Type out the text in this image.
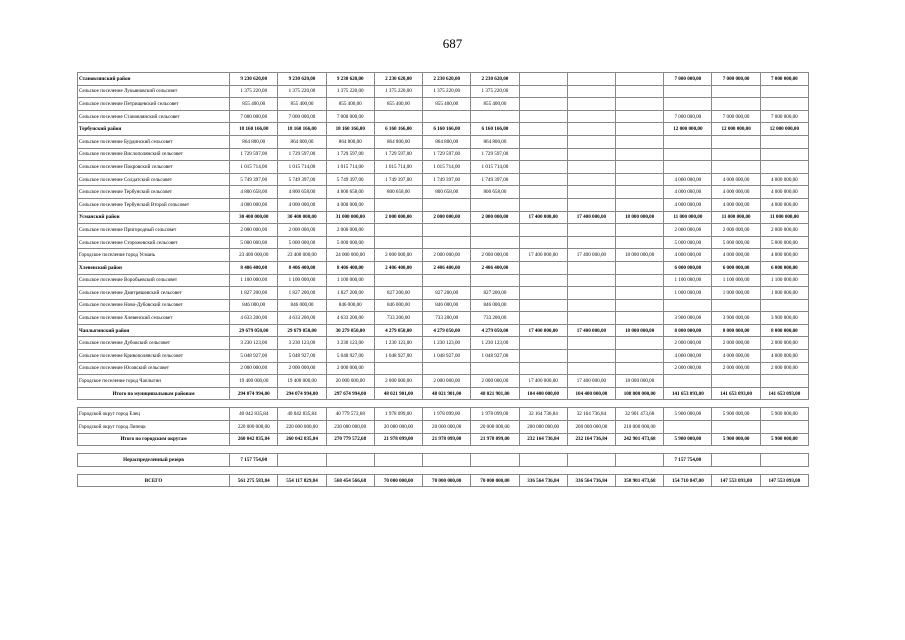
687
Становлянский район	9 230 620,00	9 230 620,00	9 230 620,00	2 230 620,00	2 230 620,00	2 230 620,00				7 000 000,00	7 000 000,00	7 000 000,00
Сельское поселение Лукьяновский сельсовет	1 375 220,00	1 375 220,00	1 375 220,00	1 375 220,00	1 375 220,00	1 375 220,00						
Сельское поселение Петрищевский сельсовет	855 400,00	855 400,00	855 400,00	855 400,00	855 400,00	855 400,00						
Сельское поселение Становлянский сельсовет	7 000 000,00	7 000 000,00	7 000 000,00							7 000 000,00	7 000 000,00	7 000 000,00
Тербунский район	18 160 166,00	18 160 166,00	18 160 166,00	6 160 166,00	6 160 166,00	6 160 166,00				12 000 000,00	12 000 000,00	12 000 000,00
Сельское поселение Бурдинский сельсовет	864 800,00	864 800,00	864 800,00	864 800,00	864 800,00	864 800,00						
Сельское поселение Вислополянский сельсовет	1 729 597,00	1 729 597,00	1 729 597,00	1 729 597,00	1 729 597,00	1 729 597,00						
Сельское поселение Покровский сельсовет	1 015 714,00	1 015 714,00	1 015 714,00	1 015 714,00	1 015 714,00	1 015 714,00						
Сельское поселение Солдатский сельсовет	5 749 397,00	5 749 397,00	5 749 397,00	1 749 397,00	1 749 397,00	1 749 397,00				4 000 000,00	4 000 000,00	4 000 000,00
Сельское поселение Тербунский сельсовет	4 800 658,00	4 800 658,00	4 800 658,00	800 658,00	800 658,00	800 658,00				4 000 000,00	4 000 000,00	4 000 000,00
Сельское поселение Тербунский Второй сельсовет	4 000 000,00	4 000 000,00	4 000 000,00							4 000 000,00	4 000 000,00	4 000 000,00
Усманский район	30 400 000,00	30 400 000,00	31 000 000,00	2 000 000,00	2 000 000,00	2 000 000,00	17 400 000,00	17 400 000,00	18 000 000,00	11 000 000,00	11 000 000,00	11 000 000,00
Сельское поселение Пригородный сельсовет	2 000 000,00	2 000 000,00	2 000 000,00							2 000 000,00	2 000 000,00	2 000 000,00
Сельское поселение Сторожевский сельсовет	5 000 000,00	5 000 000,00	5 000 000,00							5 000 000,00	5 000 000,00	5 000 000,00
Городское поселение город Усмань	23 400 000,00	23 400 000,00	24 000 000,00	2 000 000,00	2 000 000,00	2 000 000,00	17 400 000,00	17 400 000,00	18 000 000,00	4 000 000,00	4 000 000,00	4 000 000,00
Хлевенский район	8 406 400,00	8 406 400,00	8 406 400,00	2 406 400,00	2 406 400,00	2 406 400,00				6 000 000,00	6 000 000,00	6 000 000,00
Сельское поселение Воробьевский сельсовет	1 100 000,00	1 100 000,00	1 100 000,00							1 100 000,00	1 100 000,00	1 100 000,00
Сельское поселение Дмитряшевский сельсовет	1 827 200,00	1 827 200,00	1 827 200,00	827 200,00	827 200,00	827 200,00				1 000 000,00	1 000 000,00	1 000 000,00
Сельское поселение Ново-Дубовский сельсовет	846 000,00	846 000,00	846 000,00	846 000,00	846 000,00	846 000,00						
Сельское поселение Хлевенский сельсовет	4 633 200,00	4 633 200,00	4 633 200,00	733 200,00	733 200,00	733 200,00				3 900 000,00	3 900 000,00	3 900 000,00
Чаплыгинский район	29 679 050,00	29 679 050,00	30 279 050,00	4 279 050,00	4 279 050,00	4 279 050,00	17 400 000,00	17 400 000,00	18 000 000,00	8 000 000,00	8 000 000,00	8 000 000,00
Сельское поселение Дубовский сельсовет	3 230 123,00	3 230 123,00	3 230 123,00	1 230 123,00	1 230 123,00	1 230 123,00				2 000 000,00	2 000 000,00	2 000 000,00
Сельское поселение Кривополянский сельсовет	5 048 927,00	5 048 927,00	5 048 927,00	1 048 927,00	1 048 927,00	1 048 927,00				4 000 000,00	4 000 000,00	4 000 000,00
Сельское поселение Юсовский сельсовет	2 000 000,00	2 000 000,00	2 000 000,00							2 000 000,00	2 000 000,00	2 000 000,00
Городское поселение город Чаплыгин	19 400 000,00	19 400 000,00	20 000 000,00	2 000 000,00	2 000 000,00	2 000 000,00	17 400 000,00	17 400 000,00	18 000 000,00			
Итого по муниципальным районам	294 074 994,00	294 074 994,00	297 674 994,00	48 021 901,00	48 021 901,00	48 021 901,00	104 400 000,00	104 400 000,00	108 000 000,00	141 653 093,00	141 653 093,00	141 653 093,00

Городской округ город Елец	40 042 835,84	40 042 835,84	40 779 572,68	1 978 099,00	1 978 099,00	1 978 099,00	32 164 736,84	32 164 736,84	32 901 473,68	5 900 000,00	5 900 000,00	5 900 000,00
Городской округ город Липецк	220 000 000,00	220 000 000,00	230 000 000,00	20 000 000,00	20 000 000,00	20 000 000,00	200 000 000,00	200 000 000,00	210 000 000,00			
Итого по городским округам	260 042 835,84	260 042 835,84	270 779 572,68	21 978 099,00	21 978 099,00	21 978 099,00	232 164 736,84	232 164 736,84	242 901 473,68	5 900 000,00	5 900 000,00	5 900 000,00

Нераспределенный резерв	7 157 754,00									7 157 754,00		

ВСЕГО	561 275 583,84	554 117 829,84	568 454 566,68	70 000 000,00	70 000 000,00	70 000 000,00	336 564 736,84	336 564 736,84	350 901 473,68	154 710 847,00	147 553 093,00	147 553 093,00
